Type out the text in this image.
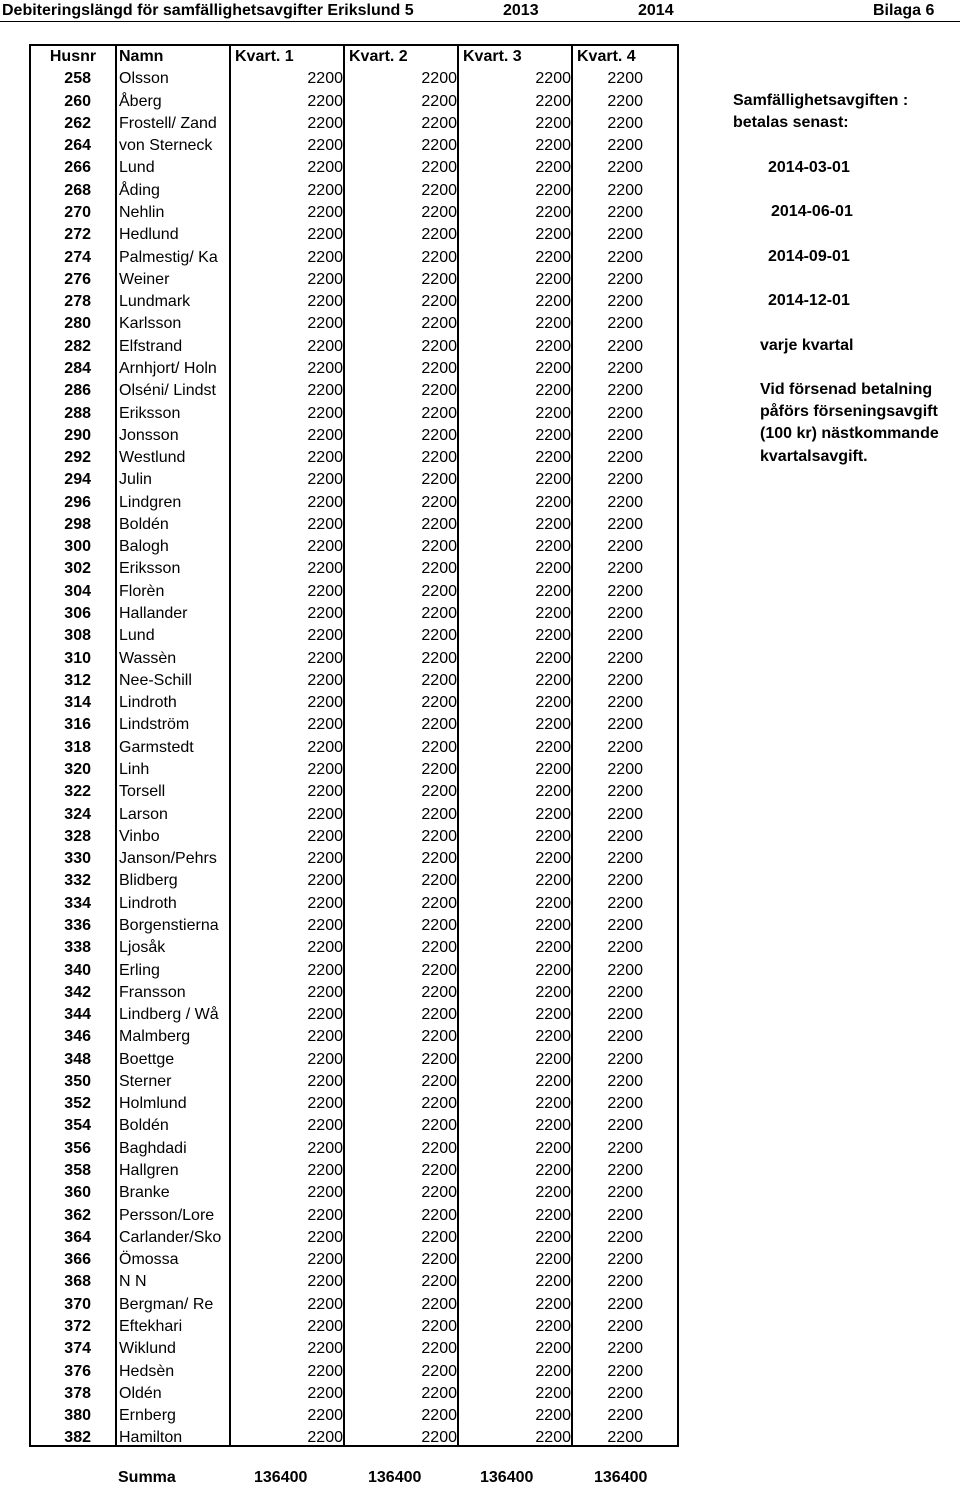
Debiteringslängd för samfällighetsavgifter Erikslund 5	2013	2014	Bilaga 6
Husnr	Namn	Kvart. 1	Kvart. 2	Kvart. 3	Kvart. 4
258 Olsson	2200	2200	2200	2200
260 Åberg	2200	2200	2200	2200
262 Frostell/ Zand	2200	2200	2200	2200
264 von Sterneck	2200	2200	2200	2200
266 Lund	2200	2200	2200	2200
268 Åding	2200	2200	2200	2200
270 Nehlin	2200	2200	2200	2200
272 Hedlund	2200	2200	2200	2200
274 Palmestig/ Ka	2200	2200	2200	2200
276 Weiner	2200	2200	2200	2200
278 Lundmark	2200	2200	2200	2200
280 Karlsson	2200	2200	2200	2200
282 Elfstrand	2200	2200	2200	2200
284 Arnhjort/ Holn	2200	2200	2200	2200
286 Olséni/ Lindst	2200	2200	2200	2200
288 Eriksson	2200	2200	2200	2200
290 Jonsson	2200	2200	2200	2200
292 Westlund	2200	2200	2200	2200
294 Julin	2200	2200	2200	2200
296 Lindgren	2200	2200	2200	2200
298 Boldén	2200	2200	2200	2200
300 Balogh	2200	2200	2200	2200
302 Eriksson	2200	2200	2200	2200
304 Florèn	2200	2200	2200	2200
306 Hallander	2200	2200	2200	2200
308 Lund	2200	2200	2200	2200
310 Wassèn	2200	2200	2200	2200
312 Nee-Schill	2200	2200	2200	2200
314 Lindroth	2200	2200	2200	2200
316 Lindström	2200	2200	2200	2200
318 Garmstedt	2200	2200	2200	2200
320 Linh	2200	2200	2200	2200
322 Torsell	2200	2200	2200	2200
324 Larson	2200	2200	2200	2200
328 Vinbo	2200	2200	2200	2200
330 Janson/Pehrs	2200	2200	2200	2200
332 Blidberg	2200	2200	2200	2200
334 Lindroth	2200	2200	2200	2200
336 Borgenstierna	2200	2200	2200	2200
338 Ljosåk	2200	2200	2200	2200
340 Erling	2200	2200	2200	2200
342 Fransson	2200	2200	2200	2200
344 Lindberg / Wå	2200	2200	2200	2200
346 Malmberg	2200	2200	2200	2200
348 Boettge	2200	2200	2200	2200
350 Sterner	2200	2200	2200	2200
352 Holmlund	2200	2200	2200	2200
354 Boldén	2200	2200	2200	2200
356 Baghdadi	2200	2200	2200	2200
358 Hallgren	2200	2200	2200	2200
360 Branke	2200	2200	2200	2200
362 Persson/Lore	2200	2200	2200	2200
364 Carlander/Sko	2200	2200	2200	2200
366 Ömossa	2200	2200	2200	2200
368 N N	2200	2200	2200	2200
370 Bergman/ Re	2200	2200	2200	2200
372 Eftekhari	2200	2200	2200	2200
374 Wiklund	2200	2200	2200	2200
376 Hedsèn	2200	2200	2200	2200
378 Oldén	2200	2200	2200	2200
380 Ernberg	2200	2200	2200	2200
382 Hamilton	2200	2200	2200	2200
Samfällighetsavgiften :
betalas senast:
2014-03-01
2014-06-01
2014-09-01
2014-12-01
varje kvartal
Vid försenad betalning
påförs förseningsavgift
(100 kr) nästkommande
kvartalsavgift.
Summa	136400	136400	136400	136400
